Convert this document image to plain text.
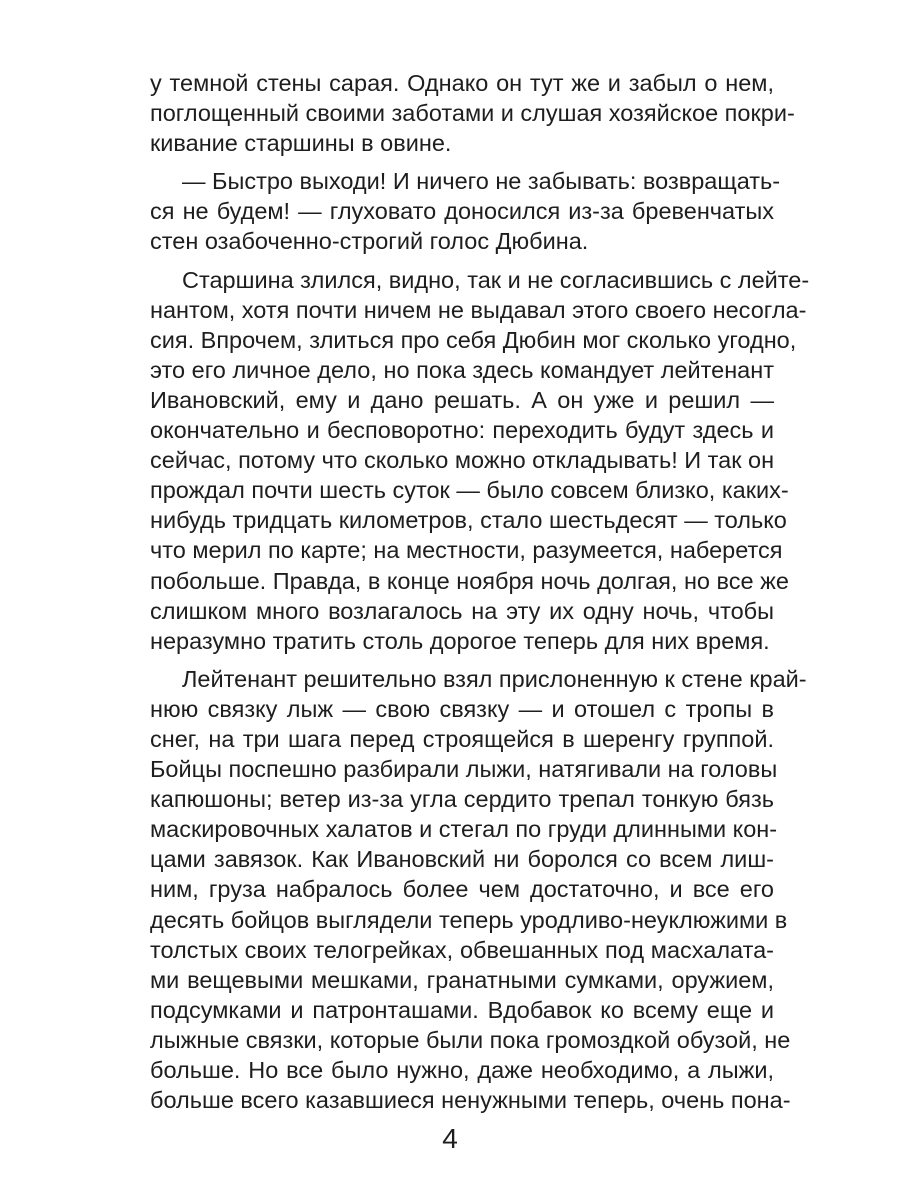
у темной стены сарая. Однако он тут же и забыл о нем,
поглощенный своими заботами и слушая хозяйское покри-
кивание старшины в овине.
— Быстро выходи! И ничего не забывать: возвращать-
ся не будем! — глуховато доносился из-за бревенчатых
стен озабоченно-строгий голос Дюбина.
Старшина злился, видно, так и не согласившись с лейте-
нантом, хотя почти ничем не выдавал этого своего несогла-
сия. Впрочем, злиться про себя Дюбин мог сколько угодно,
это его личное дело, но пока здесь командует лейтенант
Ивановский, ему и дано решать. А он уже и решил —
окончательно и бесповоротно: переходить будут здесь и
сейчас, потому что сколько можно откладывать! И так он
прождал почти шесть суток — было совсем близко, каких-
нибудь тридцать километров, стало шестьдесят — только
что мерил по карте; на местности, разумеется, наберется
побольше. Правда, в конце ноября ночь долгая, но все же
слишком много возлагалось на эту их одну ночь, чтобы
неразумно тратить столь дорогое теперь для них время.
Лейтенант решительно взял прислоненную к стене край-
нюю связку лыж — свою связку — и отошел с тропы в
снег, на три шага перед строящейся в шеренгу группой.
Бойцы поспешно разбирали лыжи, натягивали на головы
капюшоны; ветер из-за угла сердито трепал тонкую бязь
маскировочных халатов и стегал по груди длинными кон-
цами завязок. Как Ивановский ни боролся со всем лиш-
ним, груза набралось более чем достаточно, и все его
десять бойцов выглядели теперь уродливо-неуклюжими в
толстых своих телогрейках, обвешанных под масхалата-
ми вещевыми мешками, гранатными сумками, оружием,
подсумками и патронташами. Вдобавок ко всему еще и
лыжные связки, которые были пока громоздкой обузой, не
больше. Но все было нужно, даже необходимо, а лыжи,
больше всего казавшиеся ненужными теперь, очень пона-
4
